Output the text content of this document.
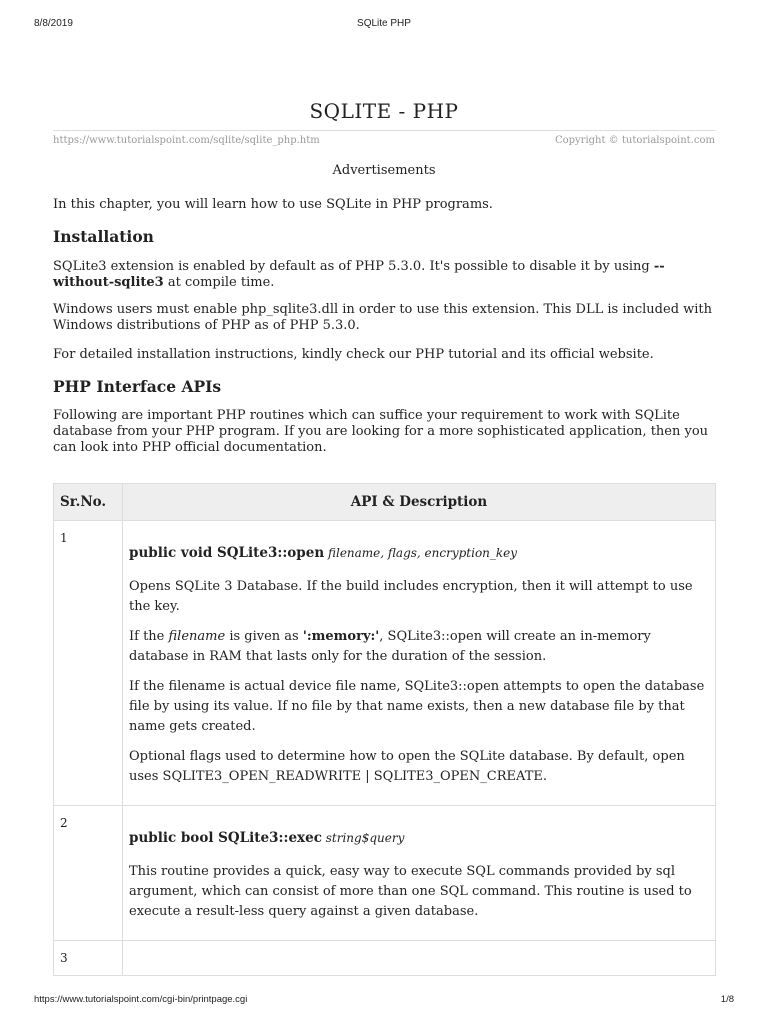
8/8/2019	SQLite PHP
SQLITE - PHP
https://www.tutorialspoint.com/sqlite/sqlite_php.htm	Copyright © tutorialspoint.com
Advertisements

In this chapter, you will learn how to use SQLite in PHP programs.

Installation

SQLite3 extension is enabled by default as of PHP 5.3.0. It's possible to disable it by using --without-sqlite3 at compile time.

Windows users must enable php_sqlite3.dll in order to use this extension. This DLL is included with Windows distributions of PHP as of PHP 5.3.0.

For detailed installation instructions, kindly check our PHP tutorial and its official website.

PHP Interface APIs

Following are important PHP routines which can suffice your requirement to work with SQLite database from your PHP program. If you are looking for a more sophisticated application, then you can look into PHP official documentation.

Sr.No.	API & Description
1	public void SQLite3::open filename, flags, encryption_key

Opens SQLite 3 Database. If the build includes encryption, then it will attempt to use the key.

If the filename is given as ':memory:', SQLite3::open will create an in-memory database in RAM that lasts only for the duration of the session.

If the filename is actual device file name, SQLite3::open attempts to open the database file by using its value. If no file by that name exists, then a new database file by that name gets created.

Optional flags used to determine how to open the SQLite database. By default, open uses SQLITE3_OPEN_READWRITE | SQLITE3_OPEN_CREATE.

2	public bool SQLite3::exec string$query

This routine provides a quick, easy way to execute SQL commands provided by sql argument, which can consist of more than one SQL command. This routine is used to execute a result-less query against a given database.

3	
https://www.tutorialspoint.com/cgi-bin/printpage.cgi	1/8
